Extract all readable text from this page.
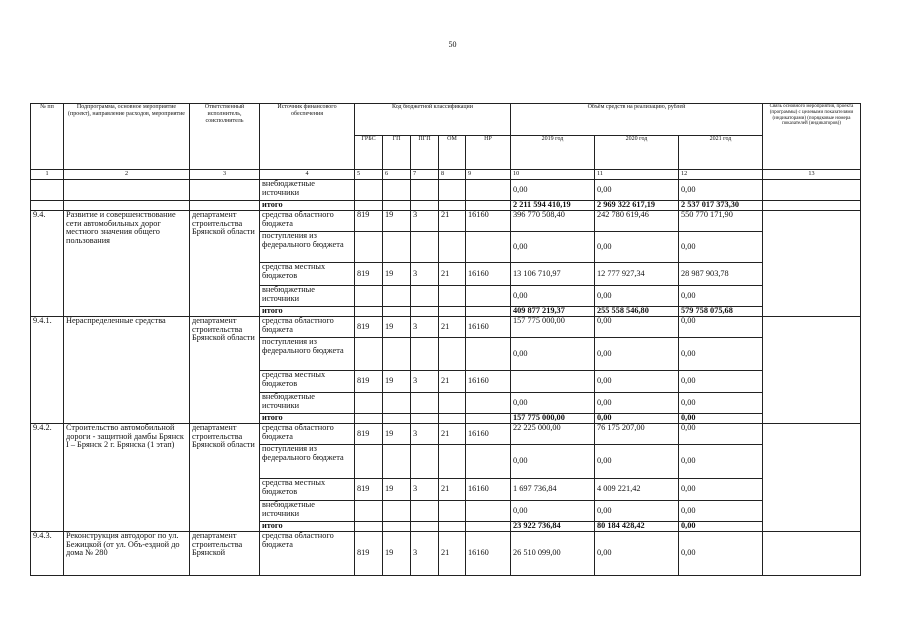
50
№ пп	Подпрограмма, основное мероприятие (проект), направление расходов, мероприятие	Ответственный исполнитель, соисполнитель	Источник финансового обеспечения	Код бюджетной классификации					Объём средств на реализацию, рублей			Связь основного мероприятия, проекта (программы) с целевыми показателями (индикаторами) (порядковые номера показателей (индикаторов))
				ГРБС	ГП	ПГП	ОМ	НР	2019 год	2020 год	2021 год	
1	2	3	4	5	6	7	8	9	10	11	12	13
			внебюджетные источники						0,00	0,00	0,00	
			итого						2 211 594 410,19	2 969 322 617,19	2 537 017 373,30	
9.4.	Развитие и совершенствование сети автомобильных дорог местного значения общего пользования	департамент строительства Брянской области	средства областного бюджета	819	19	3	21	16160	396 770 508,40	242 780 619,46	550 770 171,90	
			поступления из федерального бюджета						0,00	0,00	0,00	
			средства местных бюджетов	819	19	3	21	16160	13 106 710,97	12 777 927,34	28 987 903,78	
			внебюджетные источники						0,00	0,00	0,00	
			итого						409 877 219,37	255 558 546,80	579 758 075,68	
9.4.1.	Нераспределенные средства	департамент строительства Брянской области	средства областного бюджета	819	19	3	21	16160	157 775 000,00	0,00	0,00	
			поступления из федерального бюджета						0,00	0,00	0,00	
			средства местных бюджетов	819	19	3	21	16160		0,00	0,00	
			внебюджетные источники						0,00	0,00	0,00	
			итого						157 775 000,00	0,00	0,00	
9.4.2.	Строительство автомобильной дороги - защитной дамбы Брянск I – Брянск 2 г. Брянска (1 этап)	департамент строительства Брянской области	средства областного бюджета	819	19	3	21	16160	22 225 000,00	76 175 207,00	0,00	
			поступления из федерального бюджета						0,00	0,00	0,00	
			средства местных бюджетов	819	19	3	21	16160	1 697 736,84	4 009 221,42	0,00	
			внебюджетные источники						0,00	0,00	0,00	
			итого						23 922 736,84	80 184 428,42	0,00	
9.4.3.	Реконструкция автодорог по ул. Бежицкой (от ул. Объ-ездной до дома № 280	департамент строительства Брянской	средства областного бюджета	819	19	3	21	16160	26 510 099,00	0,00	0,00	
